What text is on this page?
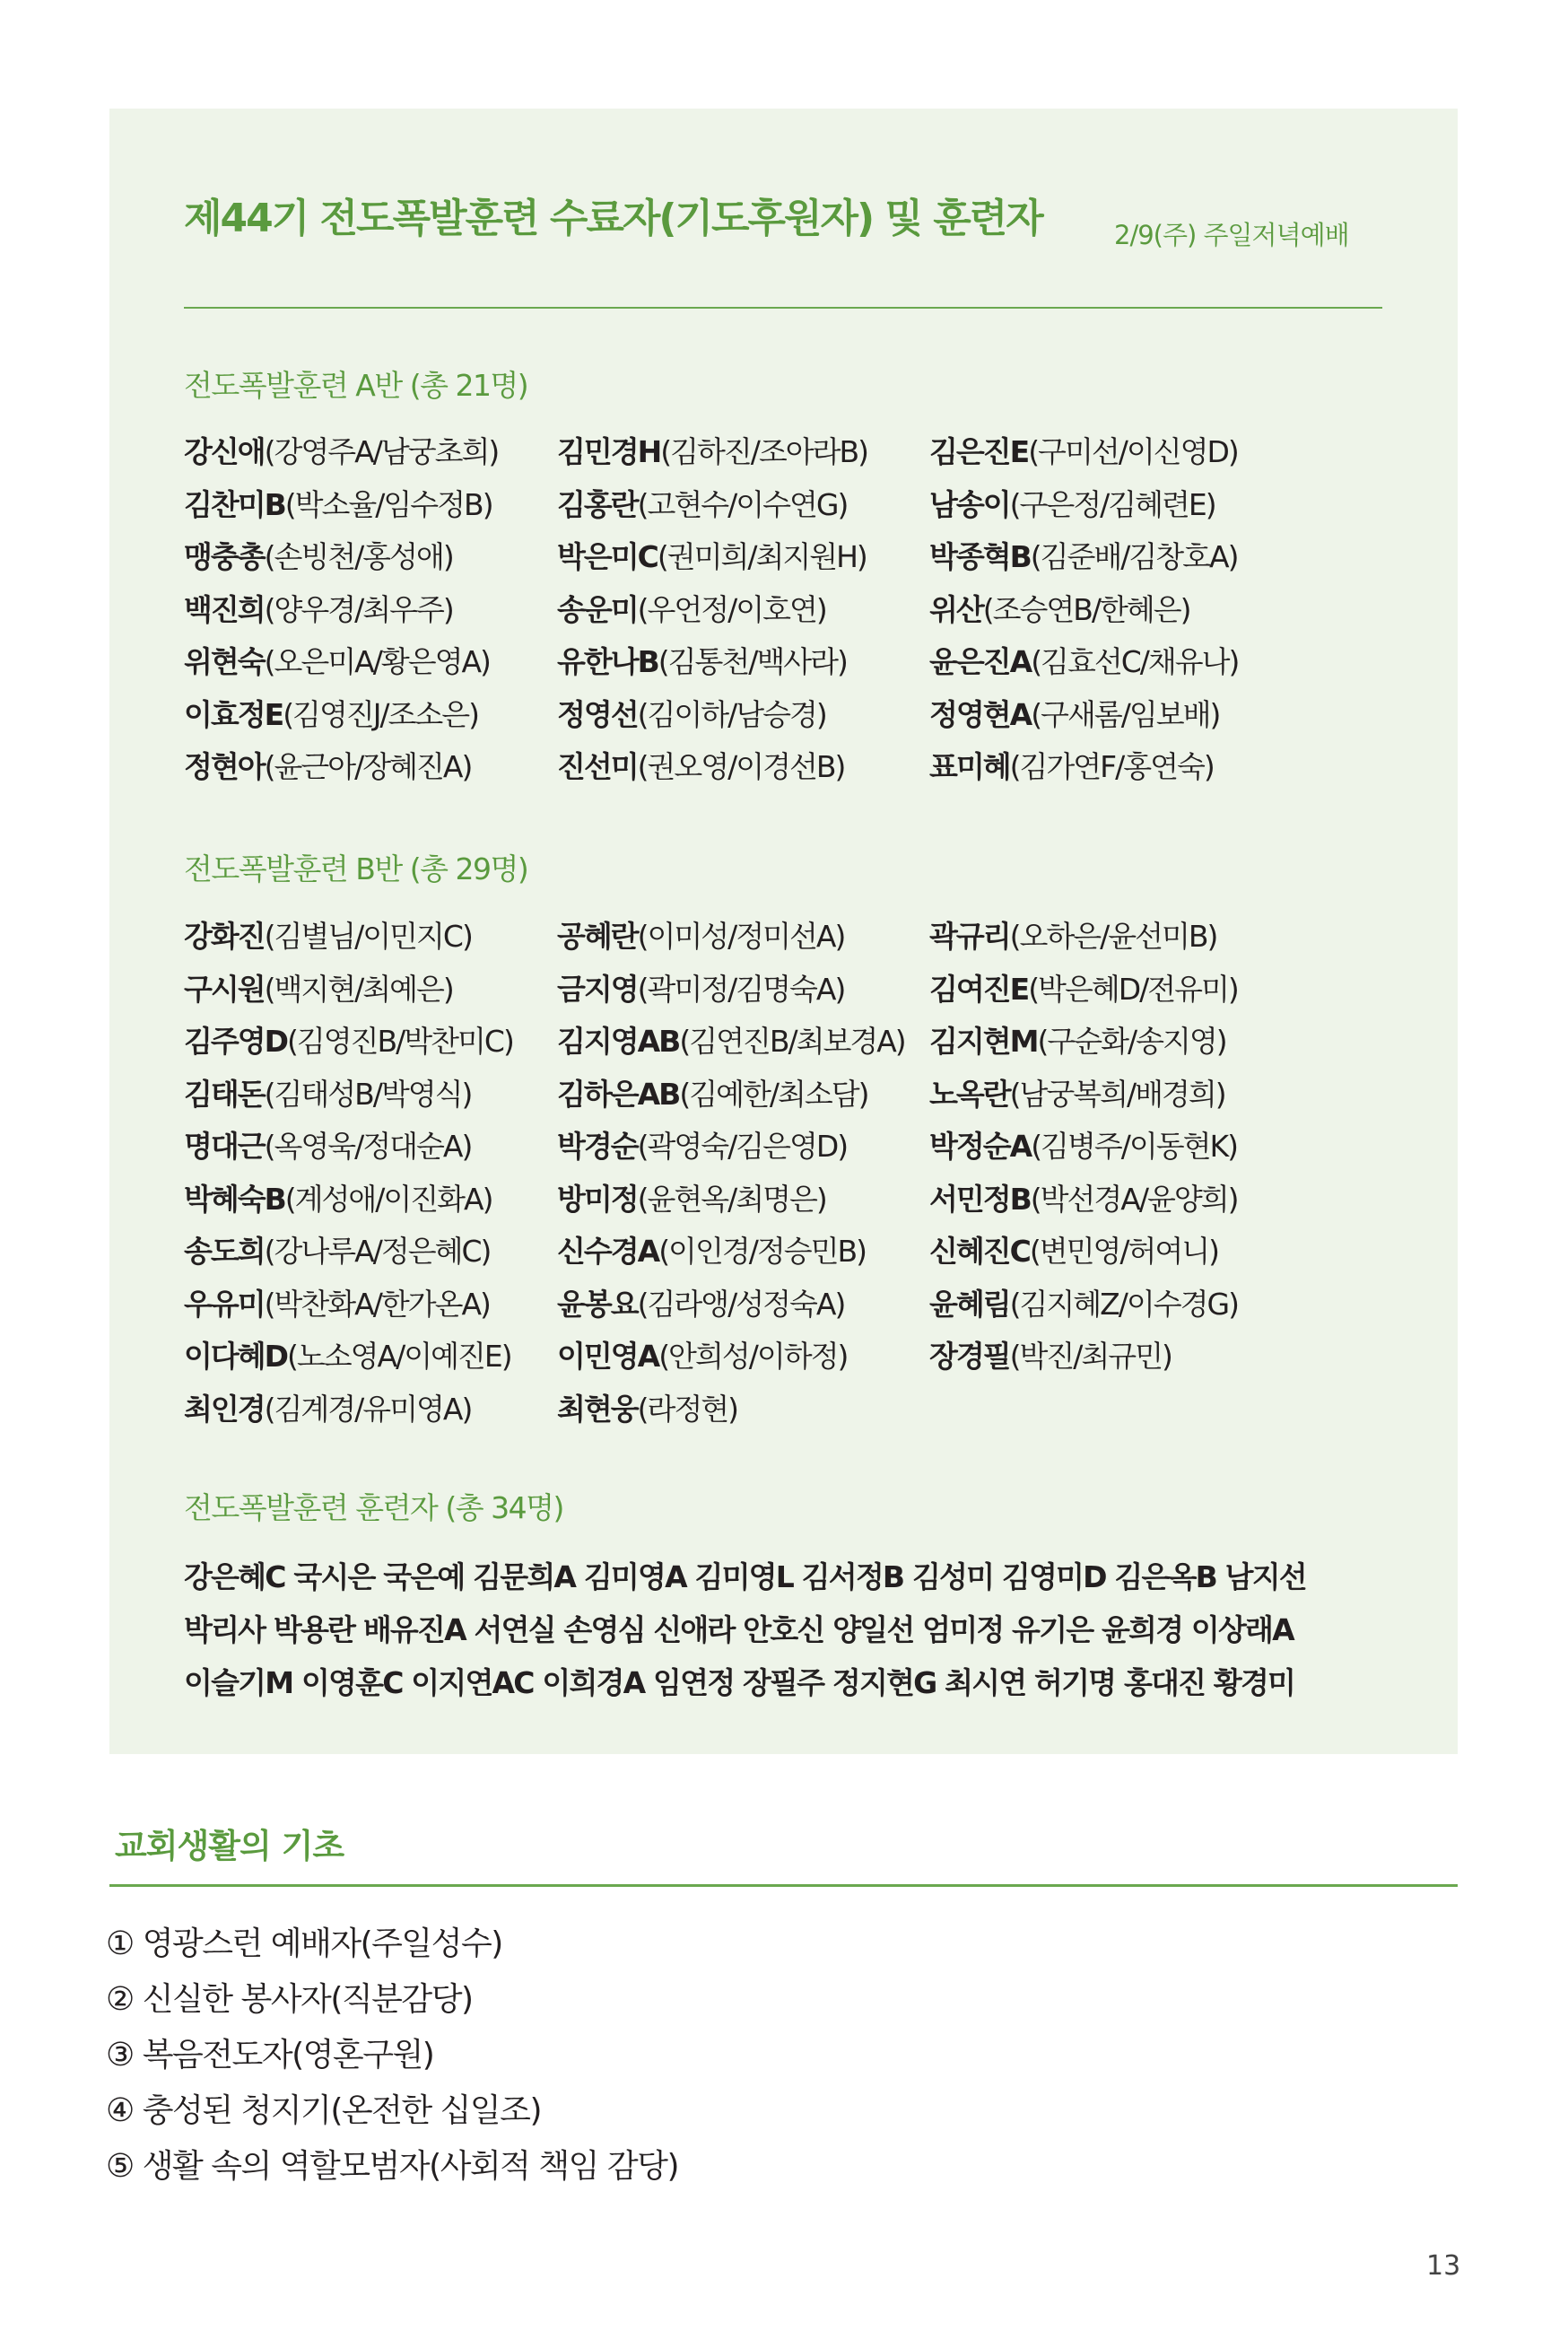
제44기 전도폭발훈련 수료자(기도후원자) 및 훈련자	2/9(주) 주일저녁예배
전도폭발훈련 A반 (총 21명)
강신애(강영주A/남궁초희) 김민경H(김하진/조아라B) 김은진E(구미선/이신영D)
김찬미B(박소율/임수정B) 김홍란(고현수/이수연G)	남송이(구은정/김혜련E)
맹충총(손빙천/홍성애)	박은미C(권미희/최지원H) 박종혁B(김준배/김창호A)
백진희(양우경/최우주)	송운미(우언정/이호연)	위산(조승연B/한혜은)
위현숙(오은미A/황은영A) 유한나B(김통천/백사라)	윤은진A(김효선C/채유나)
이효정E(김영진J/조소은)	정영선(김이하/남승경)	정영현A(구새롬/임보배)
정현아(윤근아/장혜진A)	진선미(권오영/이경선B)	표미혜(김가연F/홍연숙)
전도폭발훈련 B반 (총 29명)
강화진(김별님/이민지C)	공혜란(이미성/정미선A)	곽규리(오하은/윤선미B)
구시원(백지현/최예은)	금지영(곽미정/김명숙A)	김여진E(박은혜D/전유미)
김주영D(김영진B/박찬미C) 김지영AB(김연진B/최보경A) 김지현M(구순화/송지영)
김태돈(김태성B/박영식)	김하은AB(김예한/최소담) 노옥란(남궁복희/배경희)
명대근(옥영욱/정대순A)	박경순(곽영숙/김은영D)	박정순A(김병주/이동현K)
박혜숙B(계성애/이진화A) 방미정(윤현옥/최명은)	서민정B(박선경A/윤양희)
송도희(강나루A/정은혜C) 신수경A(이인경/정승민B) 신혜진C(변민영/허여니)
우유미(박찬화A/한가온A) 윤봉요(김라앵/성정숙A)	윤혜림(김지혜Z/이수경G)
이다혜D(노소영A/이예진E) 이민영A(안희성/이하정)	장경필(박진/최규민)
최인경(김계경/유미영A)	최현웅(라정현)
전도폭발훈련 훈련자 (총 34명)
강은혜C 국시은 국은예 김문희A 김미영A 김미영L 김서정B 김성미 김영미D 김은옥B 남지선
박리사 박용란 배유진A 서연실 손영심 신애라 안호신 양일선 엄미정 유기은 윤희경 이상래A
이슬기M 이영훈C 이지연AC 이희경A 임연정 장필주 정지현G 최시연 허기명 홍대진 황경미
교회생활의 기초
① 영광스런 예배자(주일성수)
② 신실한 봉사자(직분감당)
③ 복음전도자(영혼구원)
④ 충성된 청지기(온전한 십일조)
⑤ 생활 속의 역할모범자(사회적 책임 감당)
13
